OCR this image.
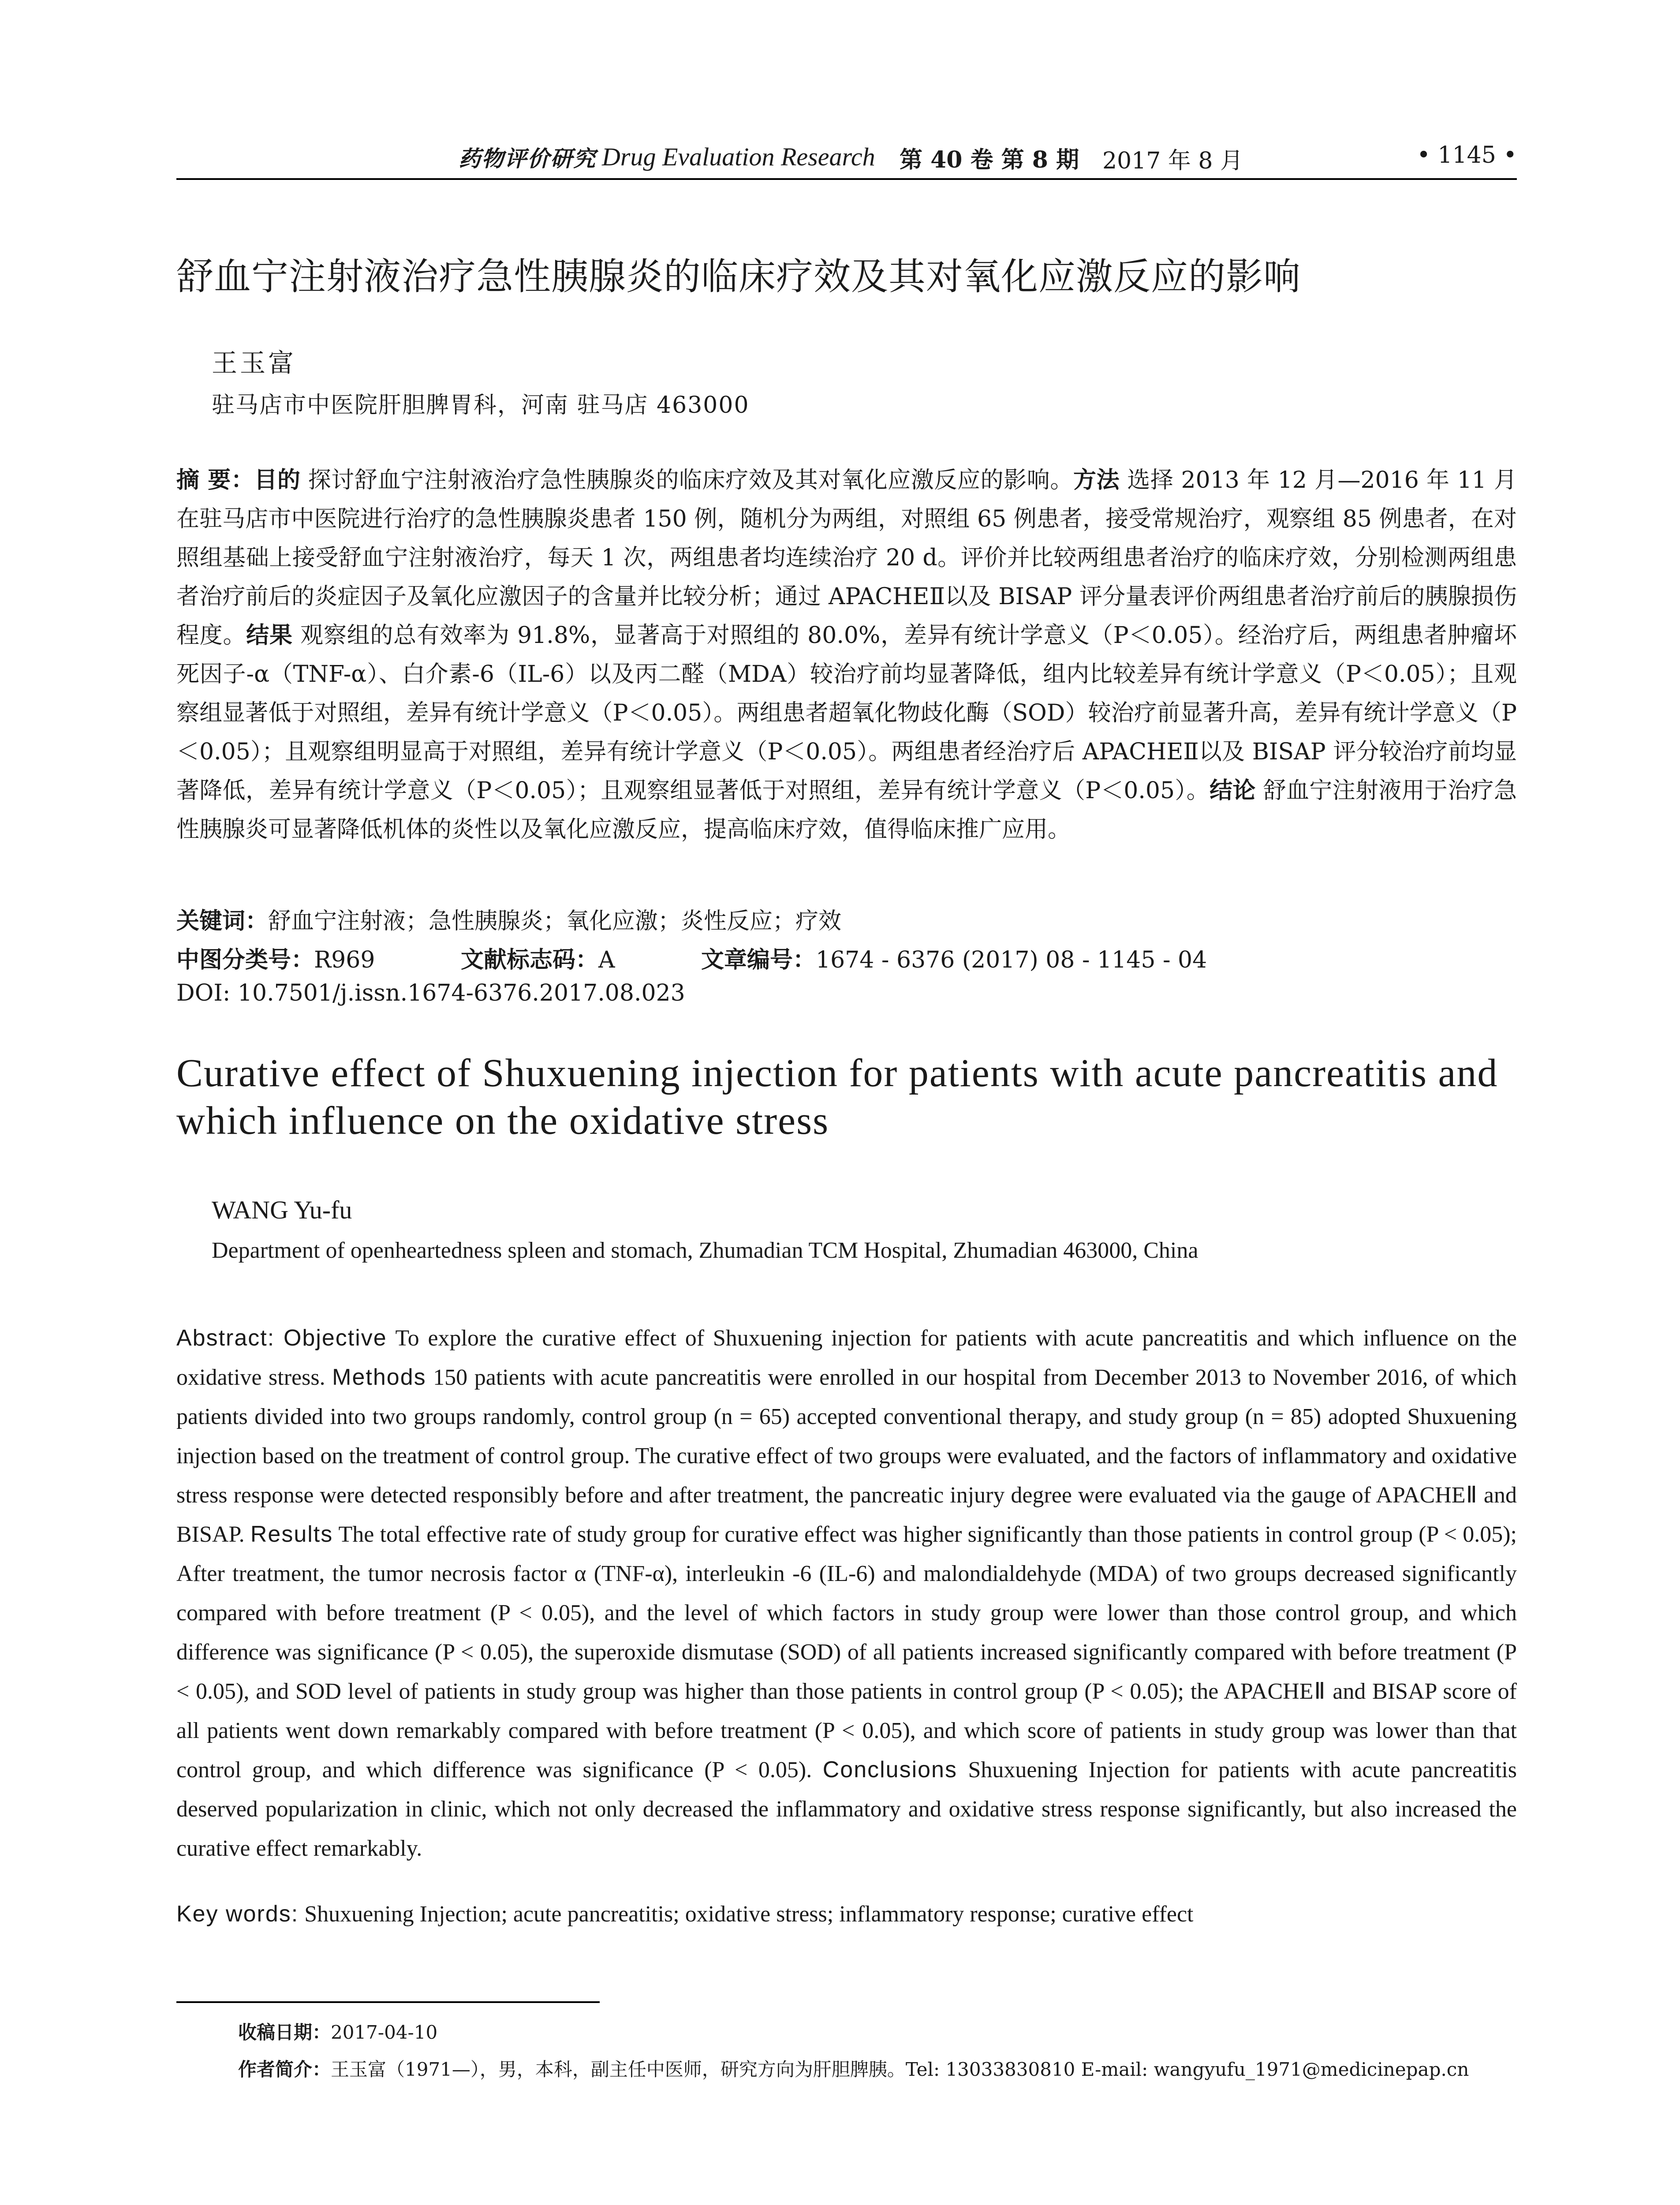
药物评价研究 Drug Evaluation Research 第 40 卷 第 8 期 2017 年 8 月	• 1145 •
舒血宁注射液治疗急性胰腺炎的临床疗效及其对氧化应激反应的影响
王玉富
驻马店市中医院肝胆脾胃科，河南 驻马店 463000
摘 要：目的 探讨舒血宁注射液治疗急性胰腺炎的临床疗效及其对氧化应激反应的影响。方法 选择 2013 年 12 月—2016 年 11 月在驻马店市中医院进行治疗的急性胰腺炎患者 150 例，随机分为两组，对照组 65 例患者，接受常规治疗，观察组 85 例患者，在对照组基础上接受舒血宁注射液治疗，每天 1 次，两组患者均连续治疗 20 d。评价并比较两组患者治疗的临床疗效，分别检测两组患者治疗前后的炎症因子及氧化应激因子的含量并比较分析；通过 APACHEⅡ以及 BISAP 评分量表评价两组患者治疗前后的胰腺损伤程度。结果 观察组的总有效率为 91.8%，显著高于对照组的 80.0%，差异有统计学意义（P＜0.05）。经治疗后，两组患者肿瘤坏死因子-α（TNF-α）、白介素-6（IL-6）以及丙二醛（MDA）较治疗前均显著降低，组内比较差异有统计学意义（P＜0.05）；且观察组显著低于对照组，差异有统计学意义（P＜0.05）。两组患者超氧化物歧化酶（SOD）较治疗前显著升高，差异有统计学意义（P＜0.05）；且观察组明显高于对照组，差异有统计学意义（P＜0.05）。两组患者经治疗后 APACHEⅡ以及 BISAP 评分较治疗前均显著降低，差异有统计学意义（P＜0.05）；且观察组显著低于对照组，差异有统计学意义（P＜0.05）。结论 舒血宁注射液用于治疗急性胰腺炎可显著降低机体的炎性以及氧化应激反应，提高临床疗效，值得临床推广应用。
关键词：舒血宁注射液；急性胰腺炎；氧化应激；炎性反应；疗效
中图分类号：R969	文献标志码：A	文章编号：1674 - 6376 (2017) 08 - 1145 - 04
DOI: 10.7501/j.issn.1674-6376.2017.08.023
Curative effect of Shuxuening injection for patients with acute pancreatitis and which influence on the oxidative stress
WANG Yu-fu
Department of openheartedness spleen and stomach, Zhumadian TCM Hospital, Zhumadian 463000, China
Abstract: Objective To explore the curative effect of Shuxuening injection for patients with acute pancreatitis and which influence on the oxidative stress. Methods 150 patients with acute pancreatitis were enrolled in our hospital from December 2013 to November 2016, of which patients divided into two groups randomly, control group (n = 65) accepted conventional therapy, and study group (n = 85) adopted Shuxuening injection based on the treatment of control group. The curative effect of two groups were evaluated, and the factors of inflammatory and oxidative stress response were detected responsibly before and after treatment, the pancreatic injury degree were evaluated via the gauge of APACHEⅡ and BISAP. Results The total effective rate of study group for curative effect was higher significantly than those patients in control group (P < 0.05); After treatment, the tumor necrosis factor α (TNF-α), interleukin -6 (IL-6) and malondialdehyde (MDA) of two groups decreased significantly compared with before treatment (P < 0.05), and the level of which factors in study group were lower than those control group, and which difference was significance (P < 0.05), the superoxide dismutase (SOD) of all patients increased significantly compared with before treatment (P < 0.05), and SOD level of patients in study group was higher than those patients in control group (P < 0.05); the APACHEⅡ and BISAP score of all patients went down remarkably compared with before treatment (P < 0.05), and which score of patients in study group was lower than that control group, and which difference was significance (P < 0.05). Conclusions Shuxuening Injection for patients with acute pancreatitis deserved popularization in clinic, which not only decreased the inflammatory and oxidative stress response significantly, but also increased the curative effect remarkably.
Key words: Shuxuening Injection; acute pancreatitis; oxidative stress; inflammatory response; curative effect
收稿日期：2017-04-10
作者简介：王玉富（1971—），男，本科，副主任中医师，研究方向为肝胆脾胰。Tel: 13033830810 E-mail: wangyufu_1971@medicinepap.cn
